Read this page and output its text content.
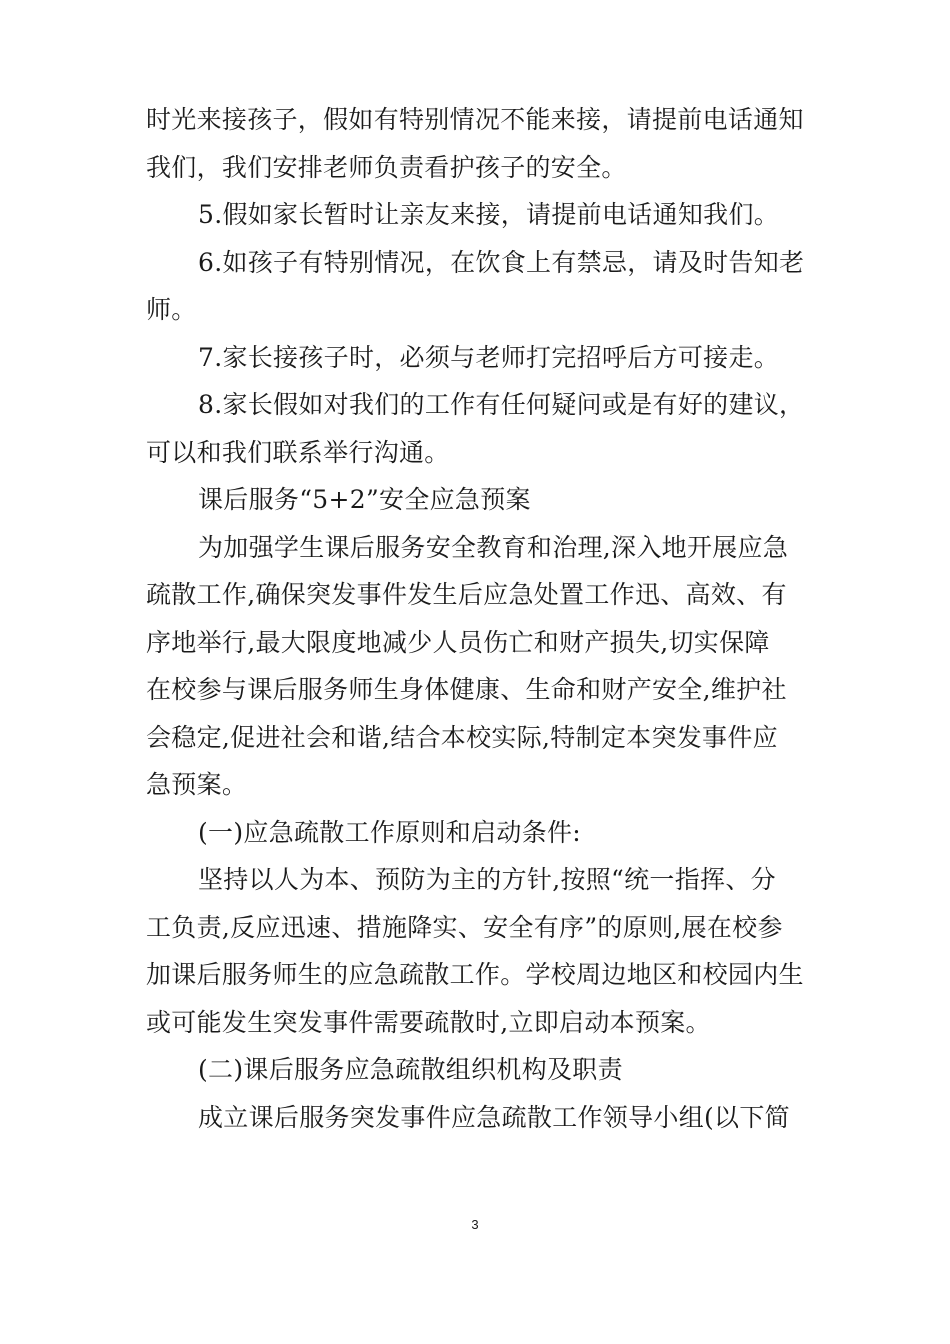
时光来接孩子，假如有特别情况不能来接，请提前电话通知

我们，我们安排老师负责看护孩子的安全。

5.假如家长暂时让亲友来接，请提前电话通知我们。

6.如孩子有特别情况，在饮食上有禁忌，请及时告知老

师。

7.家长接孩子时，必须与老师打完招呼后方可接走。

8.家长假如对我们的工作有任何疑问或是有好的建议，

可以和我们联系举行沟通。

课后服务“5+2”安全应急预案

为加强学生课后服务安全教育和治理,深入地开展应急

疏散工作,确保突发事件发生后应急处置工作迅、高效、有

序地举行,最大限度地减少人员伤亡和财产损失,切实保障

在校参与课后服务师生身体健康、生命和财产安全,维护社

会稳定,促进社会和谐,结合本校实际,特制定本突发事件应

急预案。

(一)应急疏散工作原则和启动条件:

坚持以人为本、预防为主的方针,按照“统一指挥、分

工负责,反应迅速、措施降实、安全有序”的原则,展在校参

加课后服务师生的应急疏散工作。学校周边地区和校园内生

或可能发生突发事件需要疏散时,立即启动本预案。

(二)课后服务应急疏散组织机构及职责

成立课后服务突发事件应急疏散工作领导小组(以下简

3
